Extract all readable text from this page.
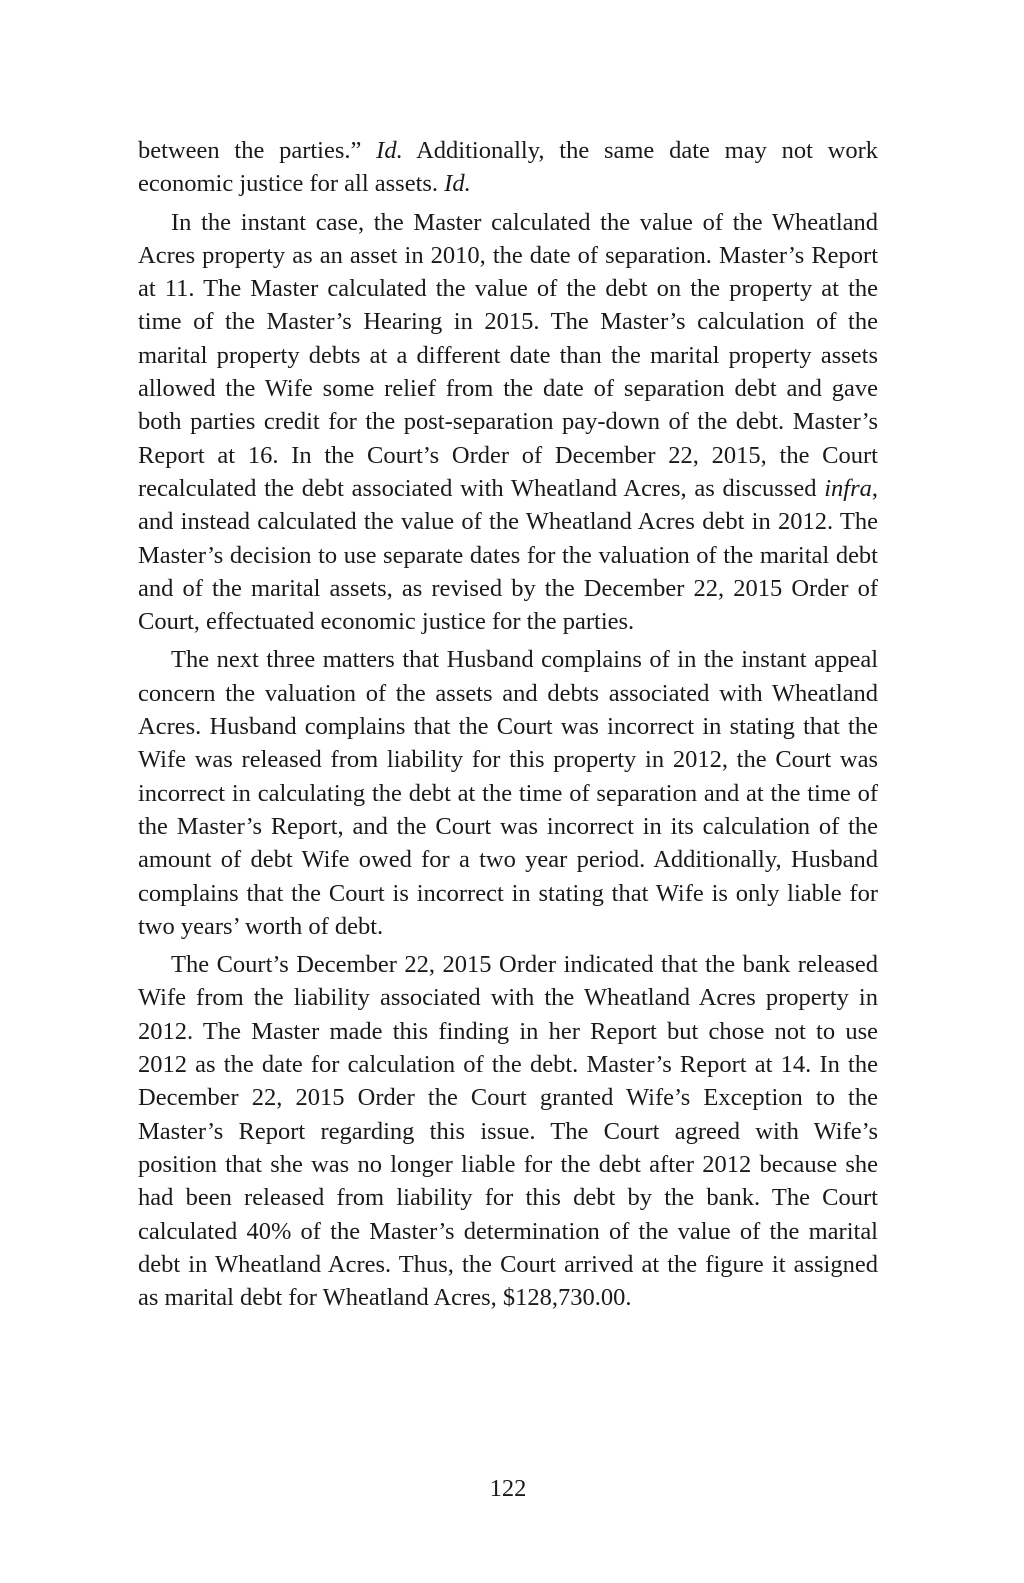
between the parties.” Id. Additionally, the same date may not work economic justice for all assets. Id.

In the instant case, the Master calculated the value of the Wheatland Acres property as an asset in 2010, the date of separation. Master’s Report at 11. The Master calculated the value of the debt on the property at the time of the Master’s Hearing in 2015. The Master’s calculation of the marital property debts at a different date than the marital property assets allowed the Wife some relief from the date of separation debt and gave both parties credit for the post-separation pay-down of the debt. Master’s Report at 16. In the Court’s Order of December 22, 2015, the Court recalculated the debt associated with Wheatland Acres, as discussed infra, and instead calculated the value of the Wheatland Acres debt in 2012. The Master’s decision to use separate dates for the valuation of the marital debt and of the marital assets, as revised by the December 22, 2015 Order of Court, effectuated economic justice for the parties.

The next three matters that Husband complains of in the instant appeal concern the valuation of the assets and debts associated with Wheatland Acres. Husband complains that the Court was incorrect in stating that the Wife was released from liability for this property in 2012, the Court was incorrect in calculating the debt at the time of separation and at the time of the Master’s Report, and the Court was incorrect in its calculation of the amount of debt Wife owed for a two year period. Additionally, Husband complains that the Court is incorrect in stating that Wife is only liable for two years’ worth of debt.

The Court’s December 22, 2015 Order indicated that the bank released Wife from the liability associated with the Wheatland Acres property in 2012. The Master made this finding in her Report but chose not to use 2012 as the date for calculation of the debt. Master’s Report at 14. In the December 22, 2015 Order the Court granted Wife’s Exception to the Master’s Report regarding this issue. The Court agreed with Wife’s position that she was no longer liable for the debt after 2012 because she had been released from liability for this debt by the bank. The Court calculated 40% of the Master’s determination of the value of the marital debt in Wheatland Acres. Thus, the Court arrived at the figure it assigned as marital debt for Wheatland Acres, $128,730.00.

122
